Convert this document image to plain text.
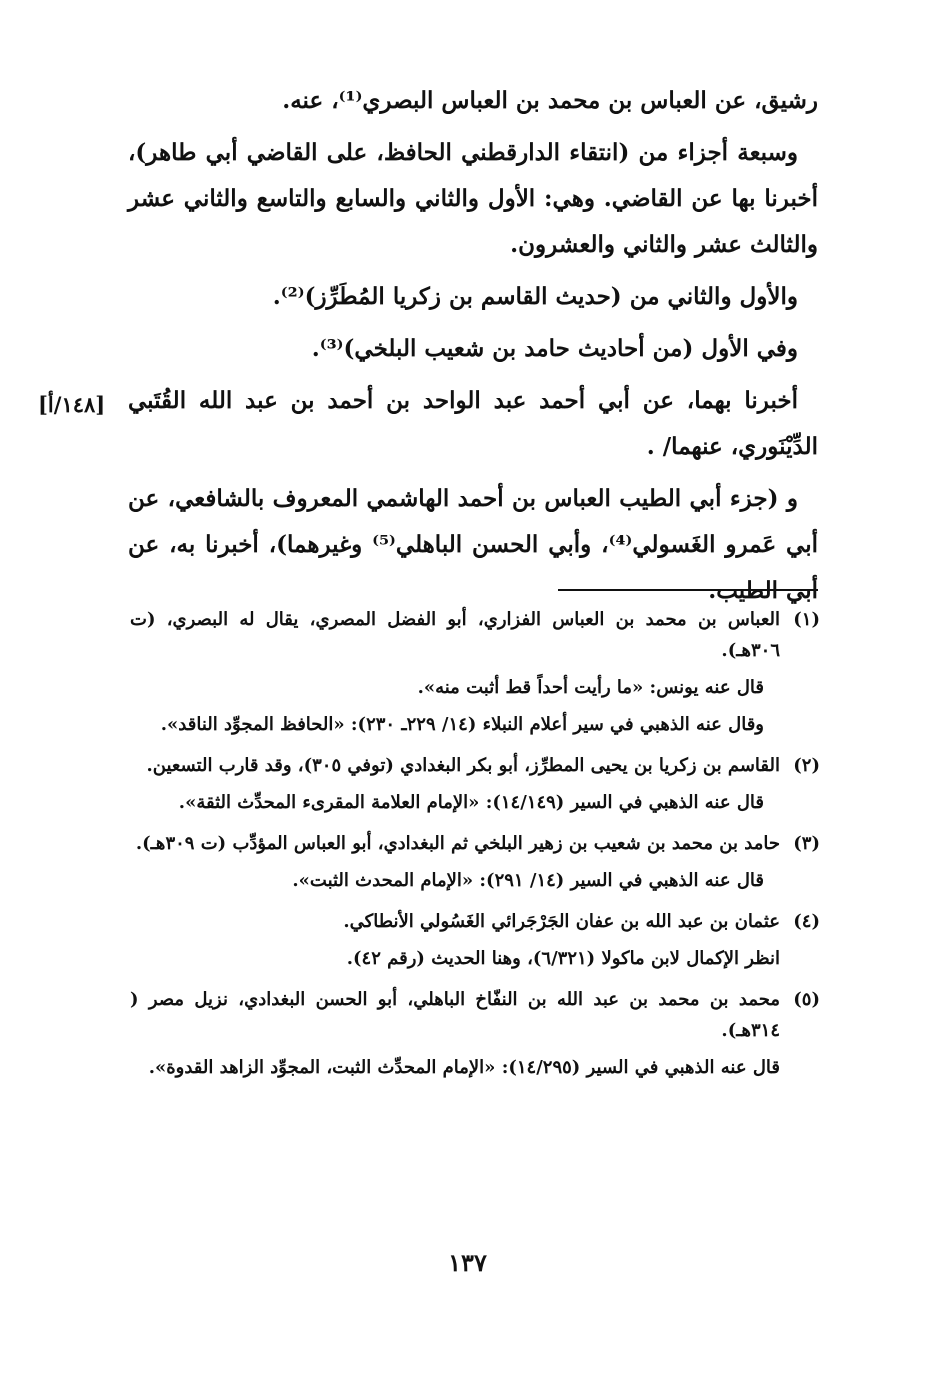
رشيق، عن العباس بن محمد بن العباس البصري⁽¹⁾، عنه.

وسبعة أجزاء من (انتقاء الدارقطني الحافظ، على القاضي أبي طاهر)، أخبرنا بها عن القاضي. وهي: الأول والثاني والسابع والتاسع والثاني عشر والثالث عشر والثاني والعشرون.

والأول والثاني من (حديث القاسم بن زكريا المُطَرِّز)⁽²⁾.

وفي الأول (من أحاديث حامد بن شعيب البلخي)⁽³⁾.

أخبرنا بهما، عن أبي أحمد عبد الواحد بن أحمد بن عبد الله القُتَبي الدِّيْنَوري، عنهما/ .

و (جزء أبي الطيب العباس بن أحمد الهاشمي المعروف بالشافعي، عن أبي عَمرو الغَسولي⁽⁴⁾، وأبي الحسن الباهلي⁽⁵⁾ وغيرهما)، أخبرنا به، عن أبي الطيب.

[١٤٨/أ]
(١)

العباس بن محمد بن العباس الفزاري، أبو الفضل المصري، يقال له البصري، (ت ٣٠٦هـ).

قال عنه يونس: «ما رأيت أحداً قط أثبت منه».

وقال عنه الذهبي في سير أعلام النبلاء (١٤/ ٢٢٩ـ ٢٣٠): «الحافظ المجوِّد الناقد».

(٢)

القاسم بن زكريا بن يحيى المطرِّز، أبو بكر البغدادي (توفي ٣٠٥)، وقد قارب التسعين.

قال عنه الذهبي في السير (١٤/١٤٩): «الإمام العلامة المقرىء المحدِّث الثقة».

(٣)

حامد بن محمد بن شعيب بن زهير البلخي ثم البغدادي، أبو العباس المؤدِّب (ت ٣٠٩هـ).

قال عنه الذهبي في السير (١٤/ ٢٩١): «الإمام المحدث الثبت».

(٤)

عثمان بن عبد الله بن عفان الجَرْجَرائي الغَسُولي الأنطاكي.

انظر الإكمال لابن ماكولا (٦/٣٢١)، وهنا الحديث (رقم ٤٢).

(٥)

محمد بن محمد بن عبد الله بن النفّاخ الباهلي، أبو الحسن البغدادي، نزيل مصر ( ٣١٤هـ).

قال عنه الذهبي في السير (١٤/٢٩٥): «الإمام المحدِّث الثبت، المجوِّد الزاهد القدوة».

١٣٧
